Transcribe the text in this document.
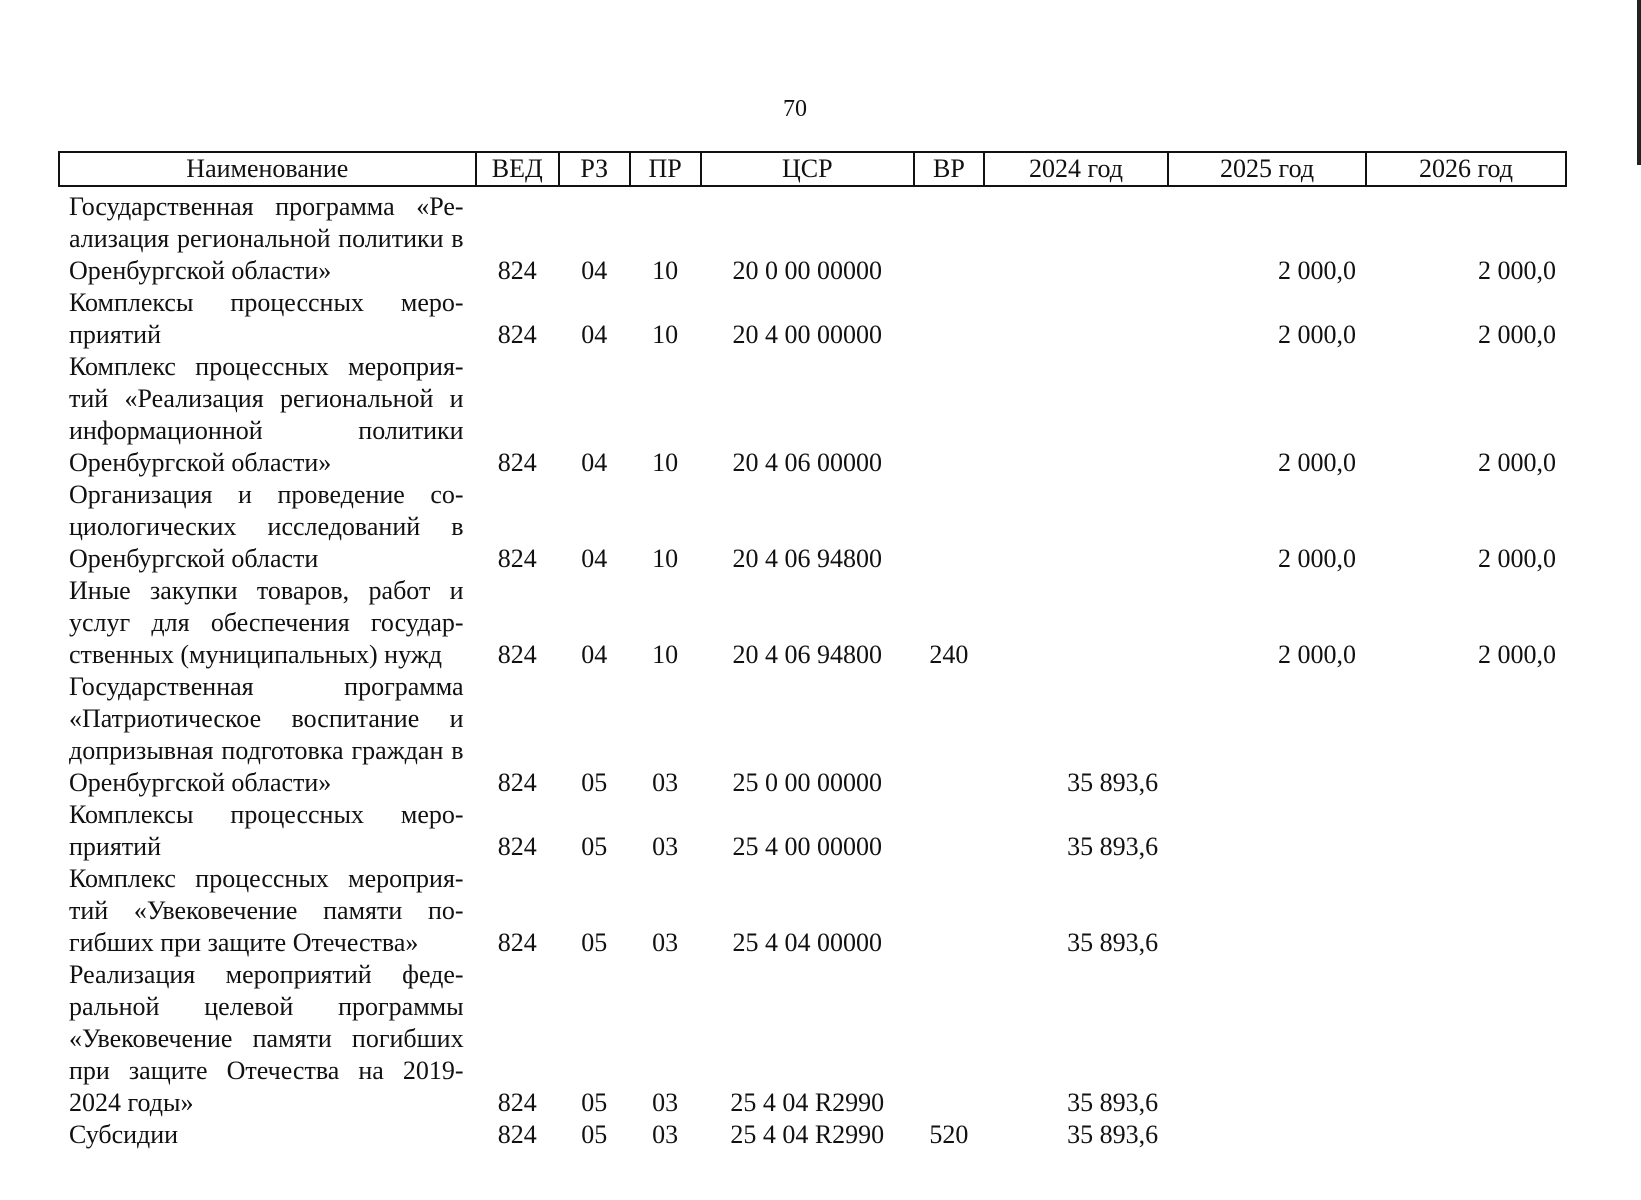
70
Наименование	ВЕД	РЗ	ПР	ЦСР	ВР	2024 год	2025 год	2026 год
Государственная программа «Ре-ализация региональной политики в Оренбургской области»	824	04	10	20 0 00 00000			2 000,0	2 000,0
Комплексы процессных меро-приятий	824	04	10	20 4 00 00000			2 000,0	2 000,0
Комплекс процессных мероприя-тий «Реализация региональной и информационной политики Оренбургской области»	824	04	10	20 4 06 00000			2 000,0	2 000,0
Организация и проведение со-циологических исследований в Оренбургской области	824	04	10	20 4 06 94800			2 000,0	2 000,0
Иные закупки товаров, работ и услуг для обеспечения государ-ственных (муниципальных) нужд	824	04	10	20 4 06 94800	240		2 000,0	2 000,0
Государственная программа «Патриотическое воспитание и допризывная подготовка граждан в Оренбургской области»	824	05	03	25 0 00 00000		35 893,6		
Комплексы процессных меро-приятий	824	05	03	25 4 00 00000		35 893,6		
Комплекс процессных мероприя-тий «Увековечение памяти по-гибших при защите Отечества»	824	05	03	25 4 04 00000		35 893,6		
Реализация мероприятий феде-ральной целевой программы «Увековечение памяти погибших при защите Отечества на 2019-2024 годы»	824	05	03	25 4 04 R2990		35 893,6		
Субсидии	824	05	03	25 4 04 R2990	520	35 893,6		
